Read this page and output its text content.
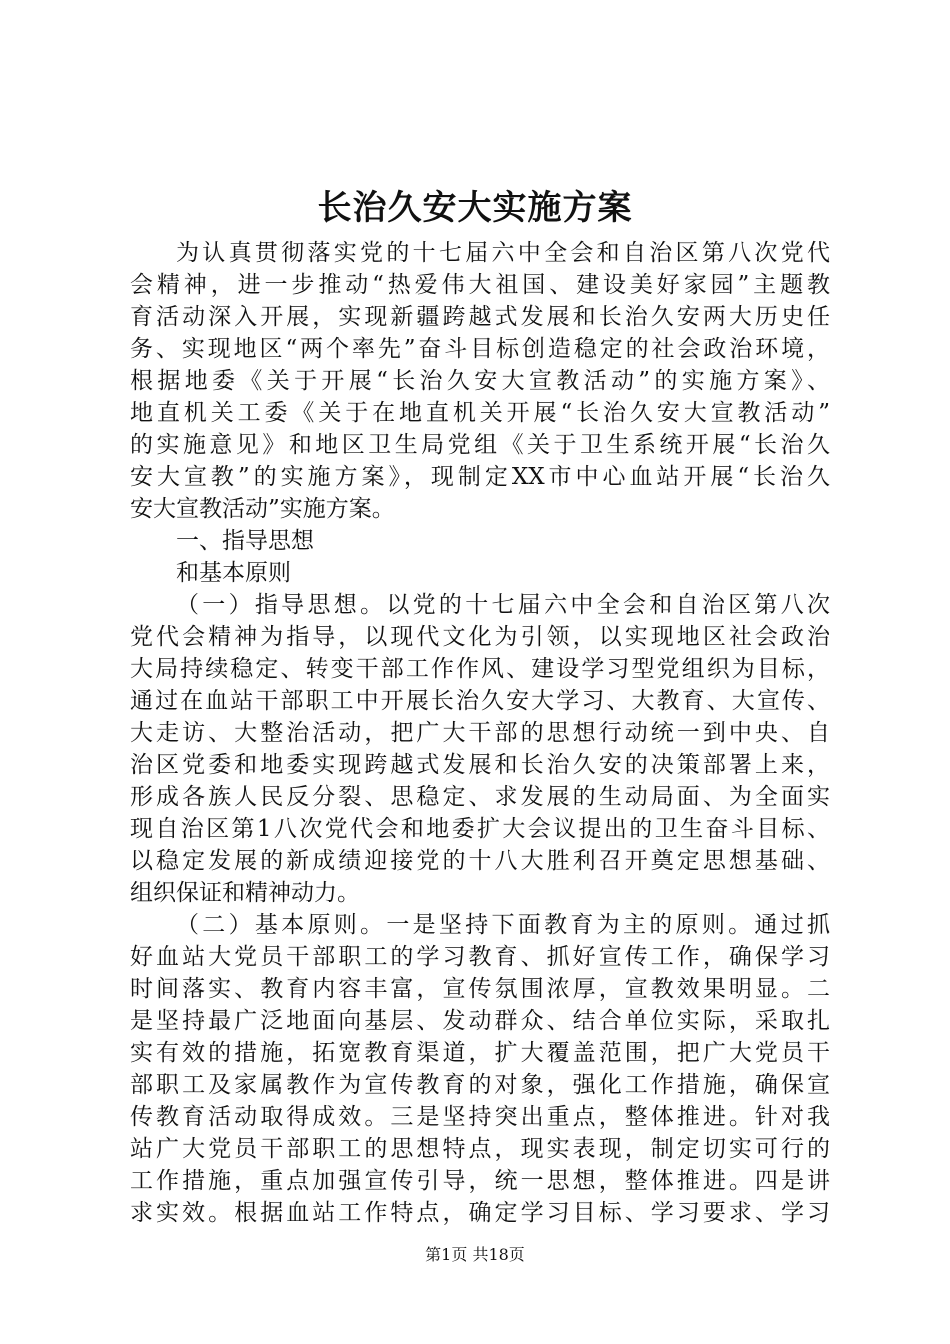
长治久安大实施方案
为认真贯彻落实党的十七届六中全会和自治区第八次党代
会精神，进一步推动“热爱伟大祖国、建设美好家园”主题教
育活动深入开展，实现新疆跨越式发展和长治久安两大历史任
务、实现地区“两个率先”奋斗目标创造稳定的社会政治环境，
根据地委《关于开展“长治久安大宣教活动”的实施方案》、
地直机关工委《关于在地直机关开展“长治久安大宣教活动”
的实施意见》和地区卫生局党组《关于卫生系统开展“长治久
安大宣教”的实施方案》，现制定XX市中心血站开展“长治久
安大宣教活动”实施方案。
一、指导思想
和基本原则
（一）指导思想。以党的十七届六中全会和自治区第八次
党代会精神为指导，以现代文化为引领，以实现地区社会政治
大局持续稳定、转变干部工作作风、建设学习型党组织为目标，
通过在血站干部职工中开展长治久安大学习、大教育、大宣传、
大走访、大整治活动，把广大干部的思想行动统一到中央、自
治区党委和地委实现跨越式发展和长治久安的决策部署上来，
形成各族人民反分裂、思稳定、求发展的生动局面、为全面实
现自治区第1八次党代会和地委扩大会议提出的卫生奋斗目标、
以稳定发展的新成绩迎接党的十八大胜利召开奠定思想基础、
组织保证和精神动力。
（二）基本原则。一是坚持下面教育为主的原则。通过抓
好血站大党员干部职工的学习教育、抓好宣传工作，确保学习
时间落实、教育内容丰富，宣传氛围浓厚，宣教效果明显。二
是坚持最广泛地面向基层、发动群众、结合单位实际，采取扎
实有效的措施，拓宽教育渠道，扩大覆盖范围，把广大党员干
部职工及家属教作为宣传教育的对象，强化工作措施，确保宣
传教育活动取得成效。三是坚持突出重点，整体推进。针对我
站广大党员干部职工的思想特点，现实表现，制定切实可行的
工作措施，重点加强宣传引导，统一思想，整体推进。四是讲
求实效。根据血站工作特点，确定学习目标、学习要求、学习
第1页 共18页
